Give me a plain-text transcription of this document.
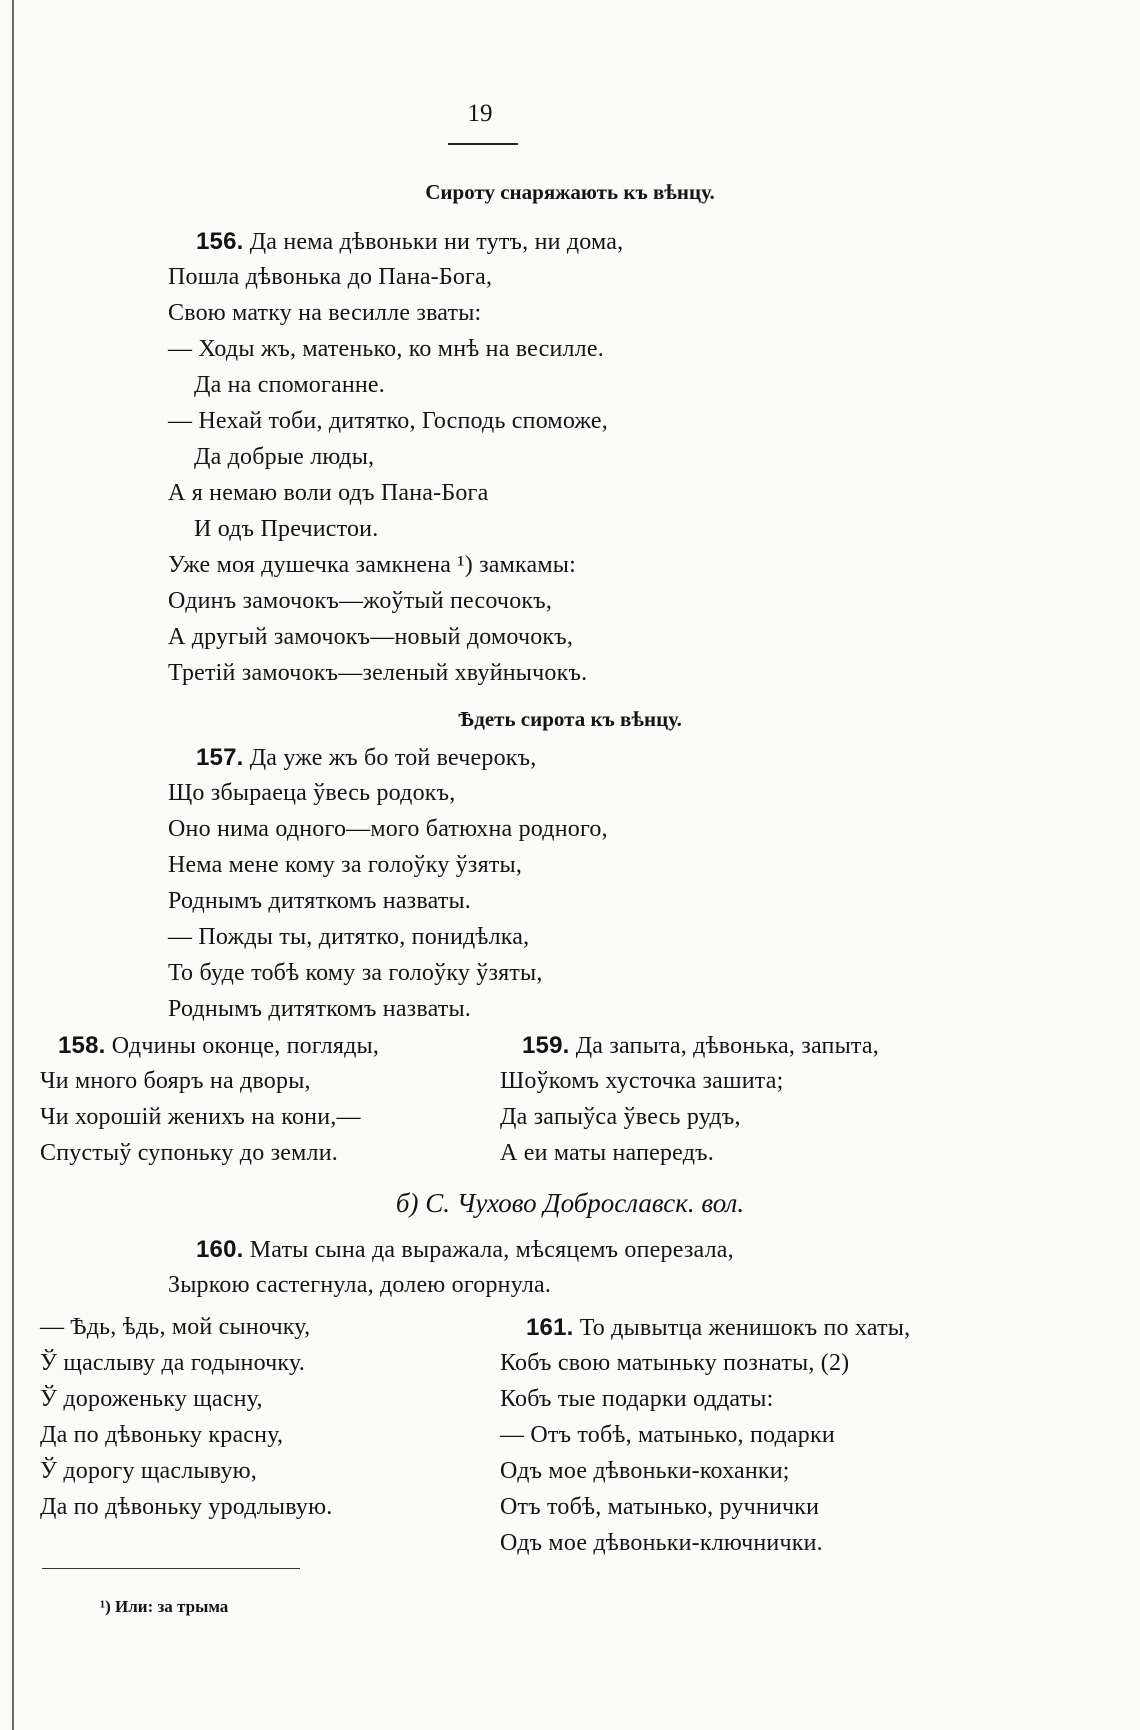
19
Сироту снаряжають къ вѣнцу.
156. Да нема дѣвоньки ни тутъ, ни дома,
Пошла дѣвонька до Пана-Бога,
Свою матку на весилле зваты:
— Ходы жъ, матенько, ко мнѣ на весилле.
Да на спомоганне.
— Нехай тоби, дитятко, Господь споможе,
Да добрые люды,
А я немаю воли одъ Пана-Бога
И одъ Пречистои.
Уже моя душечка замкнена ¹) замкамы:
Одинъ замочокъ—жоўтый песочокъ,
А другый замочокъ—новый домочокъ,
Третій замочокъ—зеленый хвуйнычокъ.
Ѣдеть сирота къ вѣнцу.
157. Да уже жъ бо той вечерокъ,
Що збыраеца ўвесь родокъ,
Оно нима одного—мого батюхна родного,
Нема мене кому за голоўку ўзяты,
Роднымъ дитяткомъ назваты.
— Пожды ты, дитятко, понидѣлка,
То буде тобѣ кому за голоўку ўзяты,
Роднымъ дитяткомъ назваты.
158. Одчины оконце, погляды,
Чи много бояръ на дворы,
Чи хорошій женихъ на кони,—
Спустыў супоньку до земли.
159. Да запыта, дѣвонька, запыта,
Шоўкомъ хусточка зашита;
Да запыўса ўвесь рудъ,
А еи маты напередъ.
б) С. Чухово Доброславск. вол.
160. Маты сына да выражала, мѣсяцемъ оперезала,
Зыркою састегнула, долею огорнула.
— Ѣдь, ѣдь, мой сыночку,
Ў щаслыву да годыночку.
Ў дороженьку щасну,
Да по дѣвоньку красну,
Ў дорогу щаслывую,
Да по дѣвоньку уродлывую.
161. То дывытца женишокъ по хаты,
Кобъ свою матыньку познаты, (2)
Кобъ тые подарки оддаты:
— Отъ тобѣ, матынько, подарки
Одъ мое дѣвоньки-коханки;
Отъ тобѣ, матынько, ручнички
Одъ мое дѣвоньки-ключнички.
¹) Или: за трыма
